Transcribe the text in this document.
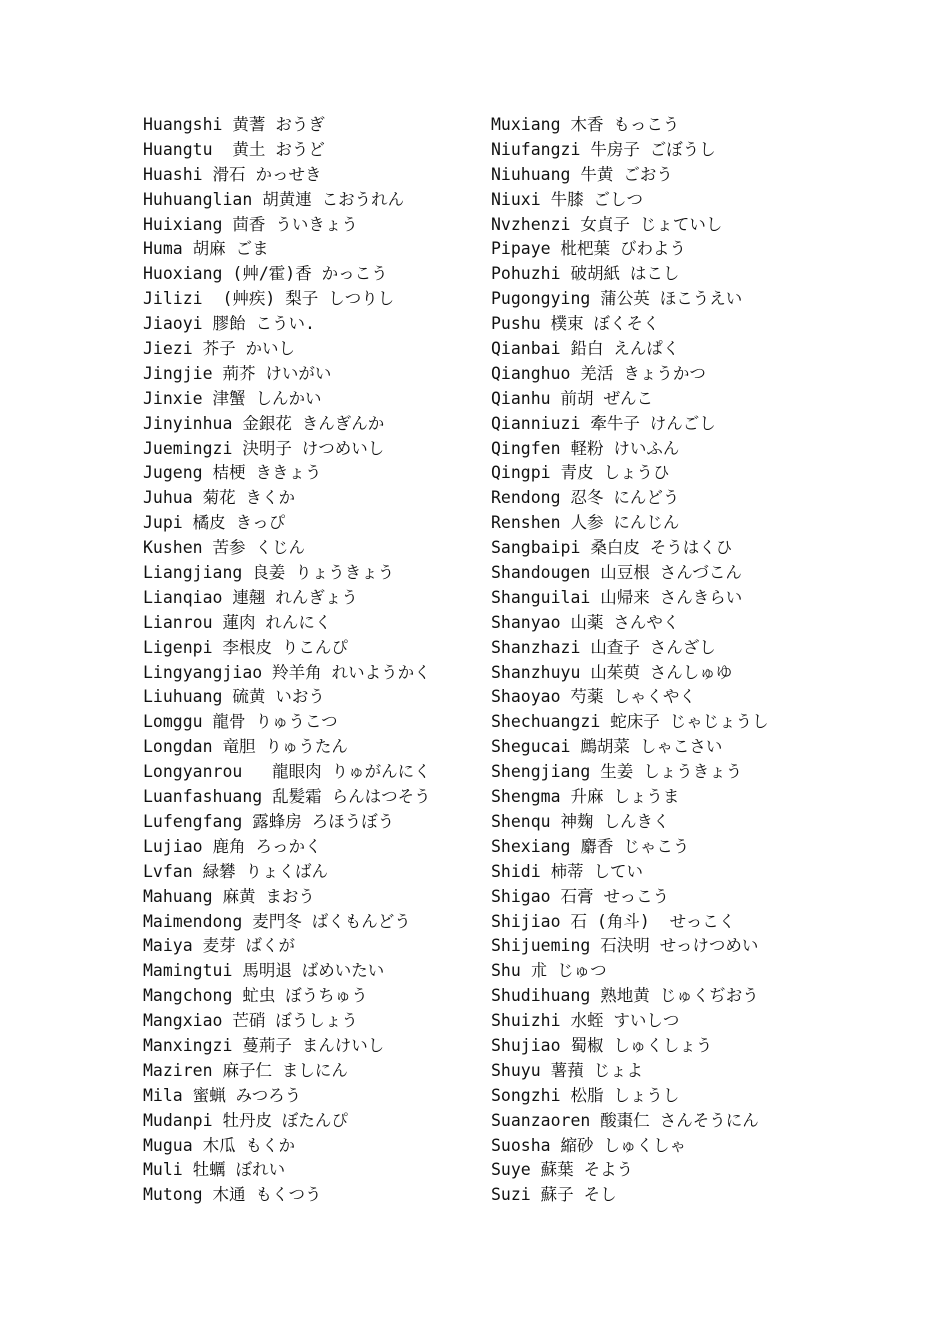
Huangshi 黄蓍 おうぎ
Huangtu  黄土 おうど
Huashi 滑石 かっせき
Huhuanglian 胡黄連 こおうれん
Huixiang 茴香 ういきょう
Huma 胡麻 ごま
Huoxiang (艸/霍)香 かっこう
Jilizi  (艸疾) 梨子 しつりし
Jiaoyi 膠飴 こうい.
Jiezi 芥子 かいし
Jingjie 荊芥 けいがい
Jinxie 津蟹 しんかい
Jinyinhua 金銀花 きんぎんか
Juemingzi 決明子 けつめいし
Jugeng 桔梗 ききょう
Juhua 菊花 きくか
Jupi 橘皮 きっぴ
Kushen 苦参 くじん
Liangjiang 良姜 りょうきょう
Lianqiao 連翹 れんぎょう
Lianrou 蓮肉 れんにく
Ligenpi 李根皮 りこんぴ
Lingyangjiao 羚羊角 れいようかく
Liuhuang 硫黄 いおう
Lomggu 龍骨 りゅうこつ
Longdan 竜胆 りゅうたん
Longyanrou   龍眼肉 りゅがんにく
Luanfashuang 乱髪霜 らんはつそう
Lufengfang 露蜂房 ろほうぼう
Lujiao 鹿角 ろっかく
Lvfan 緑礬 りょくばん
Mahuang 麻黄 まおう
Maimendong 麦門冬 ばくもんどう
Maiya 麦芽 ばくが
Mamingtui 馬明退 ばめいたい
Mangchong 虻虫 ぼうちゅう
Mangxiao 芒硝 ぼうしょう
Manxingzi 蔓荊子 まんけいし
Maziren 麻子仁 ましにん
Mila 蜜蝋 みつろう
Mudanpi 牡丹皮 ぼたんぴ
Mugua 木瓜 もくか
Muli 牡蠣 ぼれい
Mutong 木通 もくつう
Muxiang 木香 もっこう
Niufangzi 牛房子 ごぼうし
Niuhuang 牛黄 ごおう
Niuxi 牛膝 ごしつ
Nvzhenzi 女貞子 じょていし
Pipaye 枇杷葉 びわよう
Pohuzhi 破胡紙 はこし
Pugongying 蒲公英 ほこうえい
Pushu 樸束 ぼくそく
Qianbai 鉛白 えんぱく
Qianghuo 羌活 きょうかつ
Qianhu 前胡 ぜんこ
Qianniuzi 牽牛子 けんごし
Qingfen 軽粉 けいふん
Qingpi 青皮 しょうひ
Rendong 忍冬 にんどう
Renshen 人参 にんじん
Sangbaipi 桑白皮 そうはくひ
Shandougen 山豆根 さんづこん
Shanguilai 山帰来 さんきらい
Shanyao 山薬 さんやく
Shanzhazi 山查子 さんざし
Shanzhuyu 山茱萸 さんしゅゆ
Shaoyao 芍薬 しゃくやく
Shechuangzi 蛇床子 じゃじょうし
Shegucai 鷓胡菜 しゃこさい
Shengjiang 生姜 しょうきょう
Shengma 升麻 しょうま
Shenqu 神麹 しんきく
Shexiang 麝香 じゃこう
Shidi 柿蒂 してい
Shigao 石膏 せっこう
Shijiao 石 (角斗)  せっこく
Shijueming 石決明 せっけつめい
Shu 朮 じゅつ
Shudihuang 熟地黄 じゅくぢおう
Shuizhi 水蛭 すいしつ
Shujiao 蜀椒 しゅくしょう
Shuyu 薯蕷 じょよ
Songzhi 松脂 しょうし
Suanzaoren 酸棗仁 さんそうにん
Suosha 縮砂 しゅくしゃ
Suye 蘇葉 そよう
Suzi 蘇子 そし
